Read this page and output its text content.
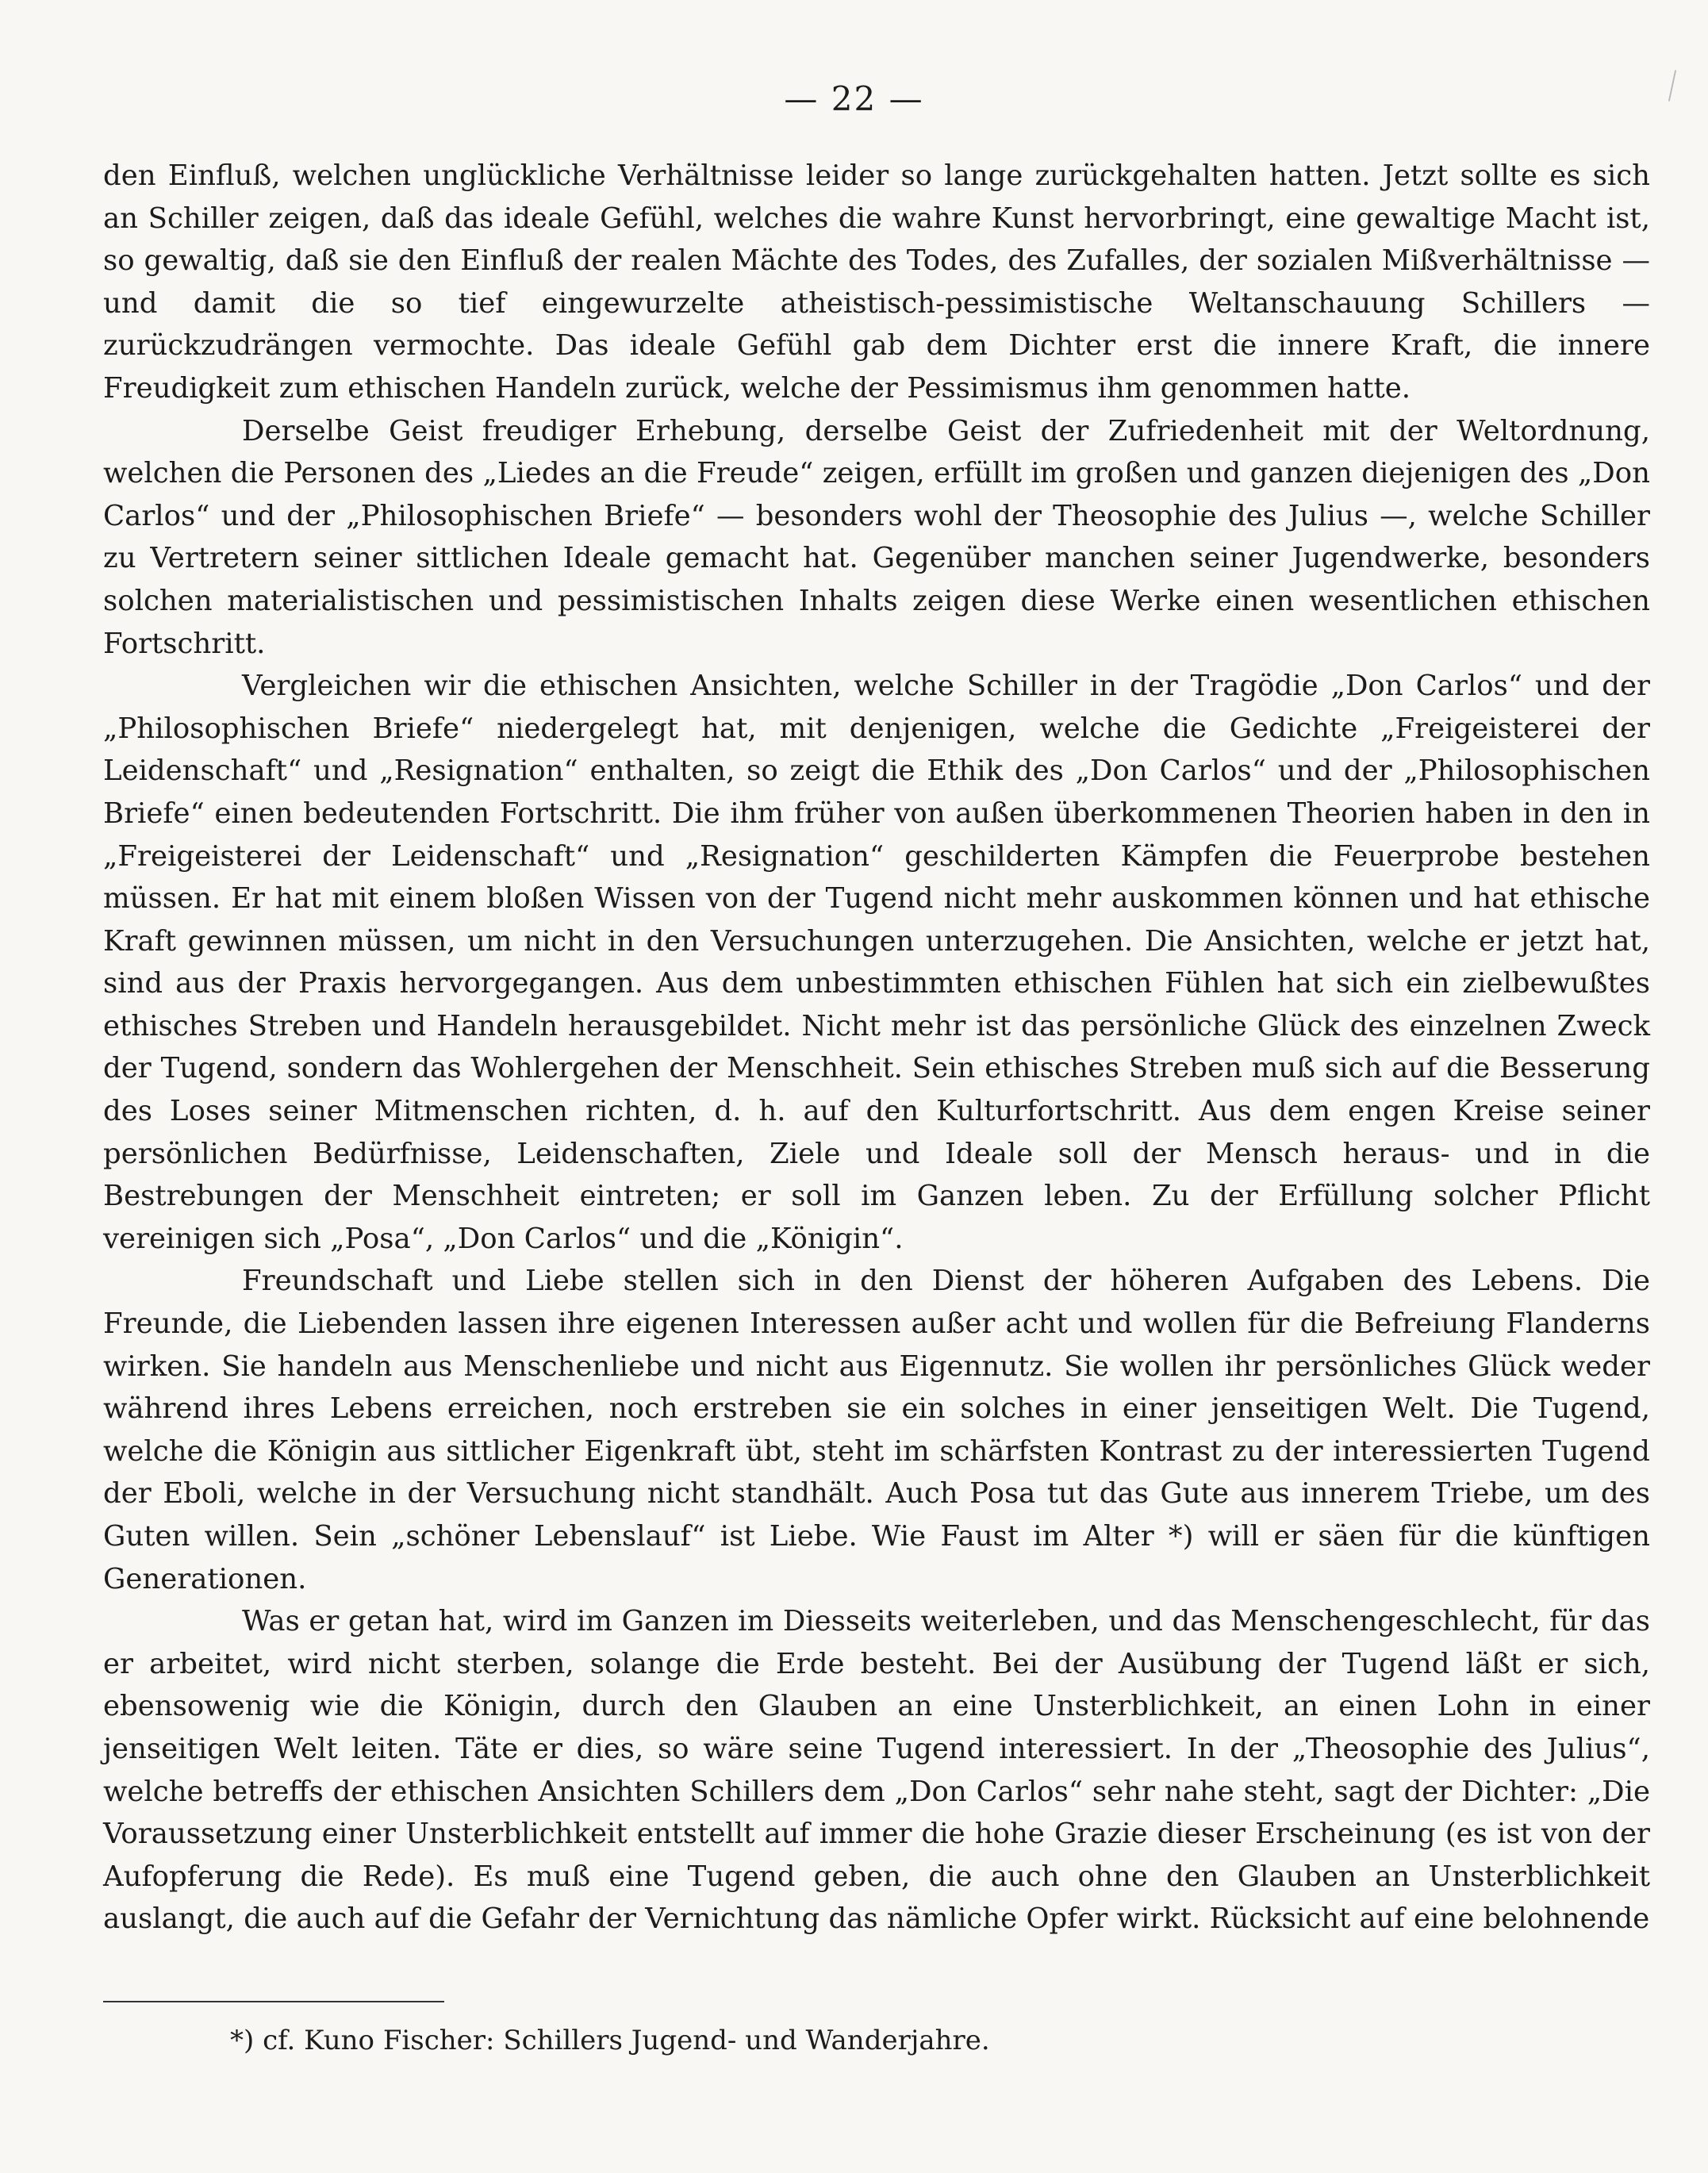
— 22 —

den Einfluß, welchen unglückliche Verhältnisse leider so lange zurückgehalten hatten. Jetzt sollte es sich an Schiller zeigen, daß das ideale Gefühl, welches die wahre Kunst hervorbringt, eine gewaltige Macht ist, so gewaltig, daß sie den Einfluß der realen Mächte des Todes, des Zufalles, der sozialen Mißverhältnisse — und damit die so tief eingewurzelte atheistisch-pessimistische Weltanschauung Schillers — zurückzudrängen vermochte. Das ideale Gefühl gab dem Dichter erst die innere Kraft, die innere Freudigkeit zum ethischen Handeln zurück, welche der Pessimismus ihm genommen hatte.

Derselbe Geist freudiger Erhebung, derselbe Geist der Zufriedenheit mit der Weltordnung, welchen die Personen des „Liedes an die Freude“ zeigen, erfüllt im großen und ganzen diejenigen des „Don Carlos“ und der „Philosophischen Briefe“ — besonders wohl der Theosophie des Julius —, welche Schiller zu Vertretern seiner sittlichen Ideale gemacht hat. Gegenüber manchen seiner Jugendwerke, besonders solchen materialistischen und pessimistischen Inhalts zeigen diese Werke einen wesentlichen ethischen Fortschritt.

Vergleichen wir die ethischen Ansichten, welche Schiller in der Tragödie „Don Carlos“ und der „Philosophischen Briefe“ niedergelegt hat, mit denjenigen, welche die Gedichte „Freigeisterei der Leidenschaft“ und „Resignation“ enthalten, so zeigt die Ethik des „Don Carlos“ und der „Philosophischen Briefe“ einen bedeutenden Fortschritt. Die ihm früher von außen überkommenen Theorien haben in den in „Freigeisterei der Leidenschaft“ und „Resignation“ geschilderten Kämpfen die Feuerprobe bestehen müssen. Er hat mit einem bloßen Wissen von der Tugend nicht mehr auskommen können und hat ethische Kraft gewinnen müssen, um nicht in den Versuchungen unterzugehen. Die Ansichten, welche er jetzt hat, sind aus der Praxis hervorgegangen. Aus dem unbestimmten ethischen Fühlen hat sich ein zielbewußtes ethisches Streben und Handeln herausgebildet. Nicht mehr ist das persönliche Glück des einzelnen Zweck der Tugend, sondern das Wohlergehen der Menschheit. Sein ethisches Streben muß sich auf die Besserung des Loses seiner Mitmenschen richten, d. h. auf den Kulturfortschritt. Aus dem engen Kreise seiner persönlichen Bedürfnisse, Leidenschaften, Ziele und Ideale soll der Mensch heraus- und in die Bestrebungen der Menschheit eintreten; er soll im Ganzen leben. Zu der Erfüllung solcher Pflicht vereinigen sich „Posa“, „Don Carlos“ und die „Königin“.

Freundschaft und Liebe stellen sich in den Dienst der höheren Aufgaben des Lebens. Die Freunde, die Liebenden lassen ihre eigenen Interessen außer acht und wollen für die Befreiung Flanderns wirken. Sie handeln aus Menschenliebe und nicht aus Eigennutz. Sie wollen ihr persönliches Glück weder während ihres Lebens erreichen, noch erstreben sie ein solches in einer jenseitigen Welt. Die Tugend, welche die Königin aus sittlicher Eigenkraft übt, steht im schärfsten Kontrast zu der interessierten Tugend der Eboli, welche in der Versuchung nicht standhält. Auch Posa tut das Gute aus innerem Triebe, um des Guten willen. Sein „schöner Lebenslauf“ ist Liebe. Wie Faust im Alter *) will er säen für die künftigen Generationen.

Was er getan hat, wird im Ganzen im Diesseits weiterleben, und das Menschengeschlecht, für das er arbeitet, wird nicht sterben, solange die Erde besteht. Bei der Ausübung der Tugend läßt er sich, ebensowenig wie die Königin, durch den Glauben an eine Unsterblichkeit, an einen Lohn in einer jenseitigen Welt leiten. Täte er dies, so wäre seine Tugend interessiert. In der „Theosophie des Julius“, welche betreffs der ethischen Ansichten Schillers dem „Don Carlos“ sehr nahe steht, sagt der Dichter: „Die Voraussetzung einer Unsterblichkeit entstellt auf immer die hohe Grazie dieser Erscheinung (es ist von der Aufopferung die Rede). Es muß eine Tugend geben, die auch ohne den Glauben an Unsterblichkeit auslangt, die auch auf die Gefahr der Vernichtung das nämliche Opfer wirkt. Rücksicht auf eine belohnende

*) cf. Kuno Fischer: Schillers Jugend- und Wanderjahre.
